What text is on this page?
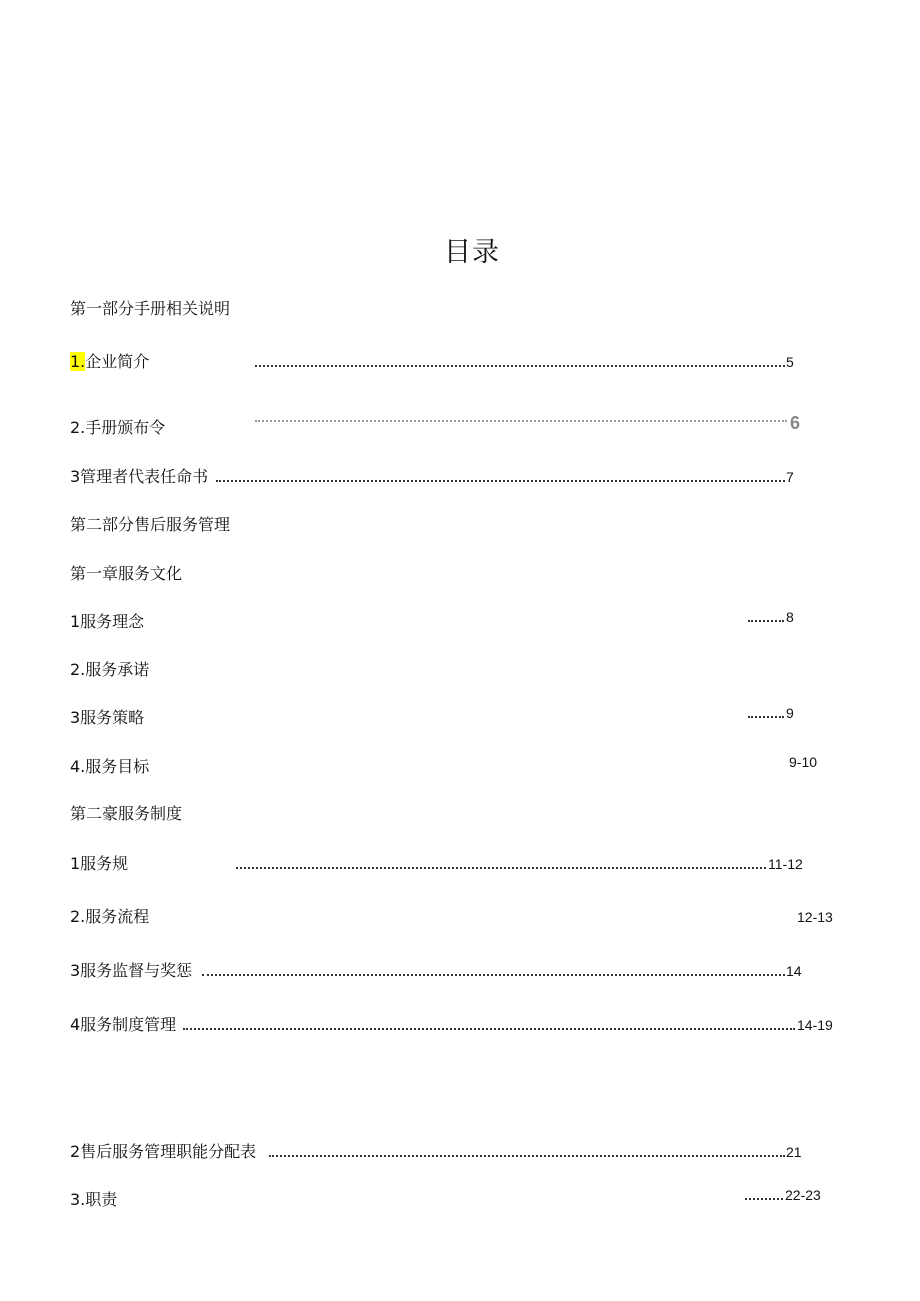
目录
第一部分手册相关说明
1.企业简介	5
2.手册颁布令	6
3管理者代表任命书	7
第二部分售后服务管理
第一章服务文化
1服务理念	8
2.服务承诺
3服务策略	9
4.服务目标	9-10
第二豪服务制度
1服务规	11-12
2.服务流程	12-13
3服务监督与奖惩	14
4服务制度管理	14-19
2售后服务管理职能分配表	21
3.职责	22-23
